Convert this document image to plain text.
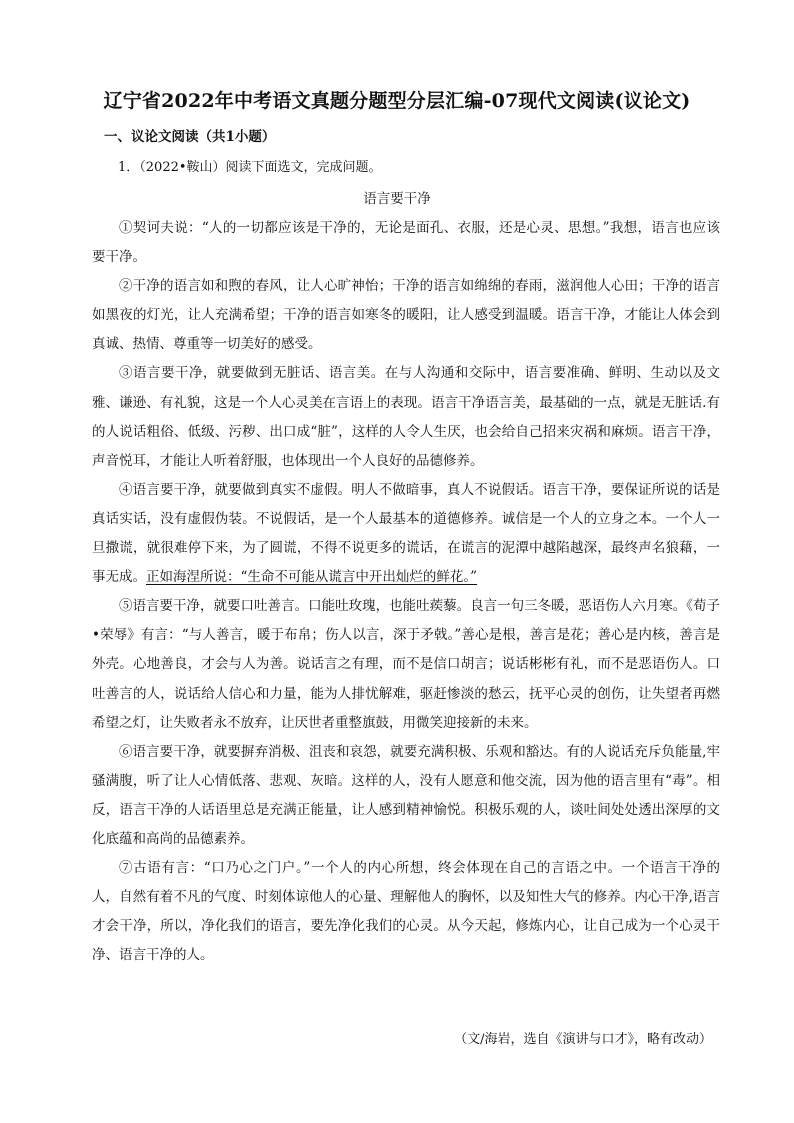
辽宁省2022年中考语文真题分题型分层汇编-07现代文阅读(议论文)
一、议论文阅读（共1小题）
1．（2022•鞍山）阅读下面选文，完成问题。
语言要干净

①契诃夫说：“人的一切都应该是干净的，无论是面孔、衣服，还是心灵、思想。”我想，语言也应该要干净。

②干净的语言如和煦的春风，让人心旷神怡；干净的语言如绵绵的春雨，滋润他人心田；干净的语言如黑夜的灯光，让人充满希望；干净的语言如寒冬的暖阳，让人感受到温暖。语言干净，才能让人体会到真诚、热情、尊重等一切美好的感受。

③语言要干净，就要做到无脏话、语言美。在与人沟通和交际中，语言要准确、鲜明、生动以及文雅、谦逊、有礼貌，这是一个人心灵美在言语上的表现。语言干净语言美，最基础的一点，就是无脏话.有的人说话粗俗、低级、污秽、出口成“脏”，这样的人令人生厌，也会给自己招来灾祸和麻烦。语言干净，声音悦耳，才能让人听着舒服，也体现出一个人良好的品德修养。

④语言要干净，就要做到真实不虚假。明人不做暗事，真人不说假话。语言干净，要保证所说的话是真话实话，没有虚假伪装。不说假话，是一个人最基本的道德修养。诚信是一个人的立身之本。一个人一旦撒谎，就很难停下来，为了圆谎，不得不说更多的谎话，在谎言的泥潭中越陷越深，最终声名狼藉，一事无成。正如海涅所说：“生命不可能从谎言中开出灿烂的鲜花。”

⑤语言要干净，就要口吐善言。口能吐玫瑰，也能吐蒺藜。良言一句三冬暖，恶语伤人六月寒。《荀子•荣辱》有言：“与人善言，暖于布帛；伤人以言，深于矛戟。”善心是根，善言是花；善心是内核，善言是外壳。心地善良，才会与人为善。说话言之有理，而不是信口胡言；说话彬彬有礼，而不是恶语伤人。口吐善言的人，说话给人信心和力量，能为人排忧解难，驱赶惨淡的愁云，抚平心灵的创伤，让失望者再燃希望之灯，让失败者永不放弃，让厌世者重整旗鼓，用微笑迎接新的未来。

⑥语言要干净，就要摒弃消极、沮丧和哀怨，就要充满积极、乐观和豁达。有的人说话充斥负能量,牢骚满腹，听了让人心情低落、悲观、灰暗。这样的人，没有人愿意和他交流，因为他的语言里有“毒”。相反，语言干净的人话语里总是充满正能量，让人感到精神愉悦。积极乐观的人，谈吐间处处透出深厚的文化底蕴和高尚的品德素养。

⑦古语有言：“口乃心之门户。”一个人的内心所想，终会体现在自己的言语之中。一个语言干净的人，自然有着不凡的气度、时刻体谅他人的心量、理解他人的胸怀，以及知性大气的修养。内心干净,语言才会干净，所以，净化我们的语言，要先净化我们的心灵。从今天起，修炼内心，让自己成为一个心灵干净、语言干净的人。

（文/海岩，选自《演讲与口才》，略有改动）
